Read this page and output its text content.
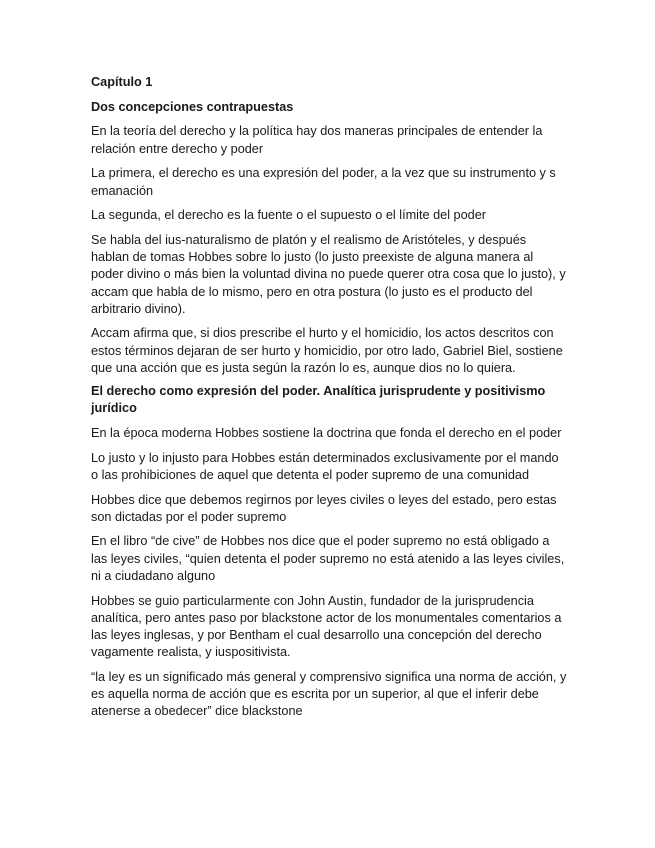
Capítulo 1
Dos concepciones contrapuestas

En la teoría del derecho y la política hay dos maneras principales de entender la relación entre derecho y poder

La primera, el derecho es una expresión del poder, a la vez que su instrumento y s emanación

La segunda, el derecho es la fuente o el supuesto o el límite del poder

Se habla del ius-naturalismo de platón y el realismo de Aristóteles, y después hablan de tomas Hobbes sobre lo justo (lo justo preexiste de alguna manera al poder divino o más bien la voluntad divina no puede querer otra cosa que lo justo), y accam que habla de lo mismo, pero en otra postura (lo justo es el producto del arbitrario divino).

Accam afirma que, si dios prescribe el hurto y el homicidio, los actos descritos con estos términos dejaran de ser hurto y homicidio, por otro lado, Gabriel Biel, sostiene que una acción que es justa según la razón lo es, aunque dios no lo quiera.

El derecho como expresión del poder. Analítica jurisprudente y positivismo jurídico

En la época moderna Hobbes sostiene la doctrina que fonda el derecho en el poder

Lo justo y lo injusto para Hobbes están determinados exclusivamente por el mando o las prohibiciones de aquel que detenta el poder supremo de una comunidad

Hobbes dice que debemos regirnos por leyes civiles o leyes del estado, pero estas son dictadas por el poder supremo

En el libro “de cive” de Hobbes nos dice que el poder supremo no está obligado a las leyes civiles, “quien detenta el poder supremo no está atenido a las leyes civiles, ni a ciudadano alguno

Hobbes se guio particularmente con John Austin, fundador de la jurisprudencia analítica, pero antes paso por blackstone actor de los monumentales comentarios a las leyes inglesas, y por Bentham el cual desarrollo una concepción del derecho vagamente realista, y iuspositivista.

“la ley es un significado más general y comprensivo significa una norma de acción, y es aquella norma de acción que es escrita por un superior, al que el inferir debe atenerse a obedecer” dice blackstone
